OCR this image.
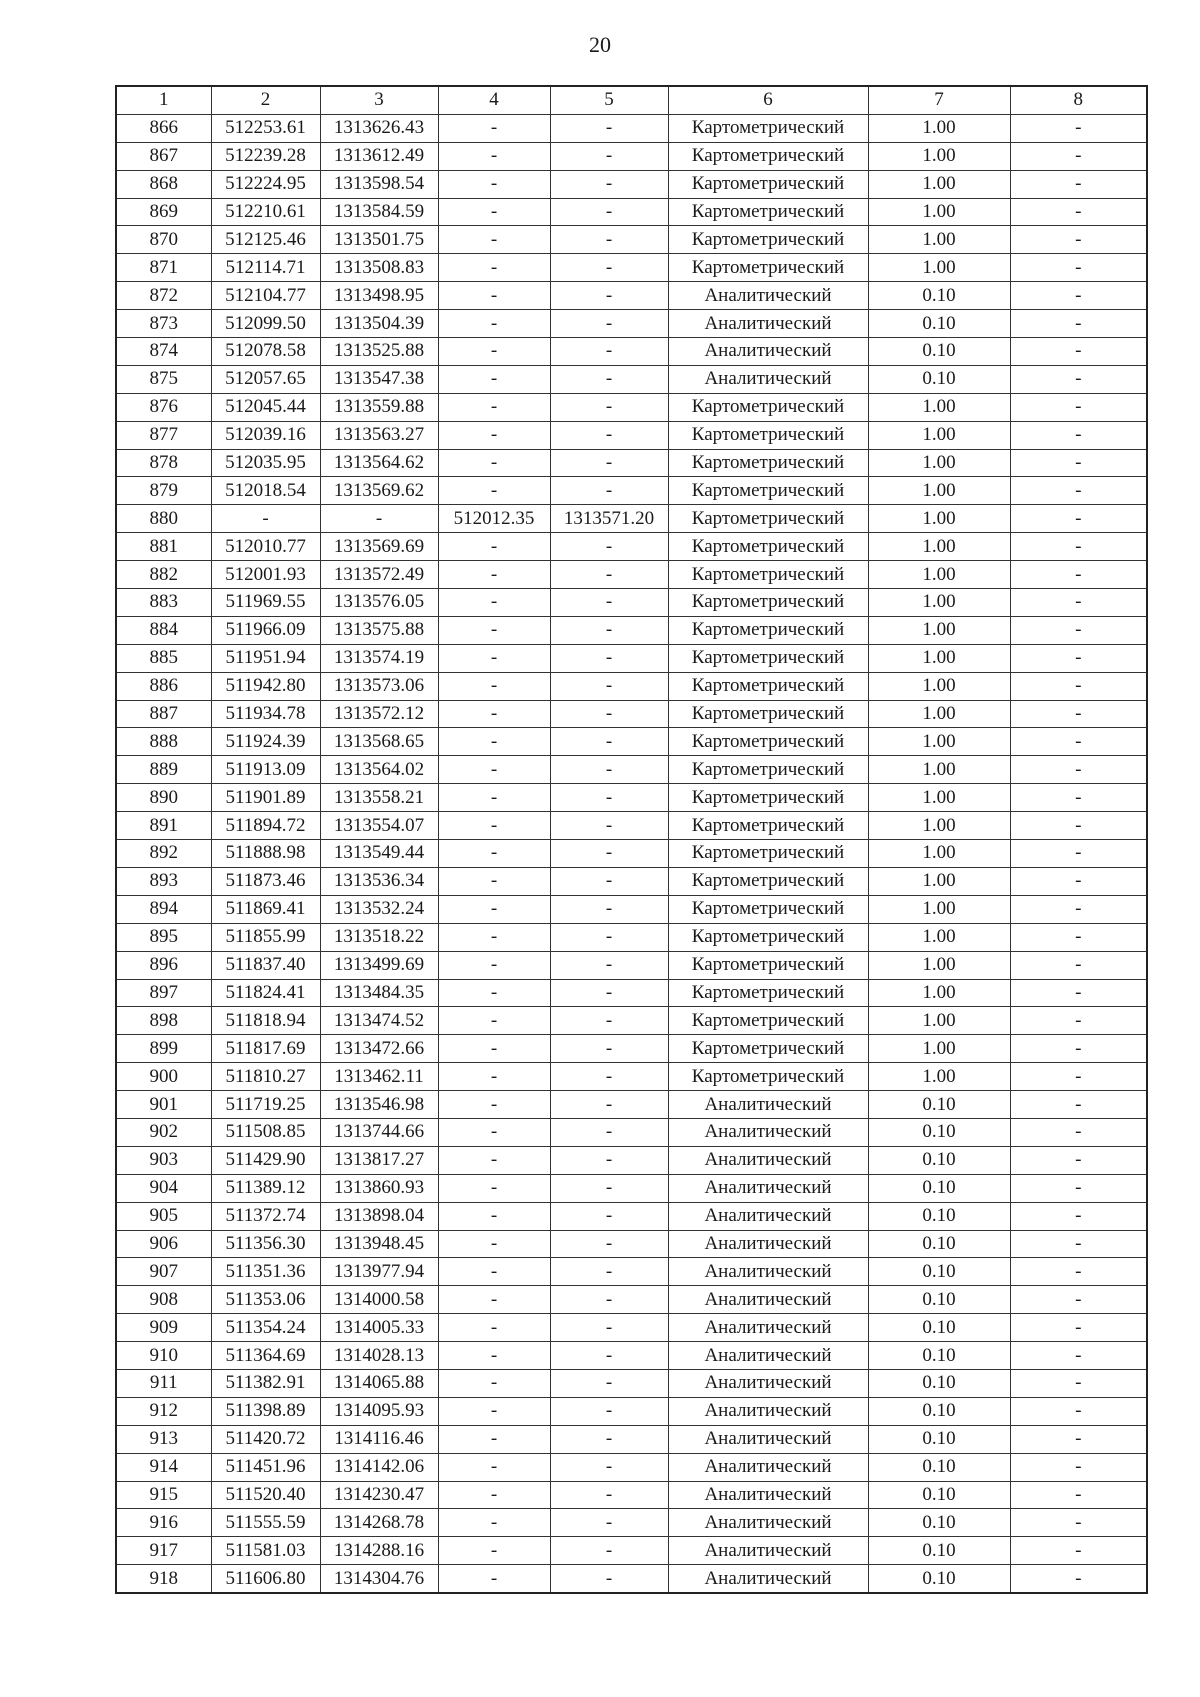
20
1	2	3	4	5	6	7	8
866	512253.61	1313626.43	-	-	Картометрический	1.00	-
867	512239.28	1313612.49	-	-	Картометрический	1.00	-
868	512224.95	1313598.54	-	-	Картометрический	1.00	-
869	512210.61	1313584.59	-	-	Картометрический	1.00	-
870	512125.46	1313501.75	-	-	Картометрический	1.00	-
871	512114.71	1313508.83	-	-	Картометрический	1.00	-
872	512104.77	1313498.95	-	-	Аналитический	0.10	-
873	512099.50	1313504.39	-	-	Аналитический	0.10	-
874	512078.58	1313525.88	-	-	Аналитический	0.10	-
875	512057.65	1313547.38	-	-	Аналитический	0.10	-
876	512045.44	1313559.88	-	-	Картометрический	1.00	-
877	512039.16	1313563.27	-	-	Картометрический	1.00	-
878	512035.95	1313564.62	-	-	Картометрический	1.00	-
879	512018.54	1313569.62	-	-	Картометрический	1.00	-
880	-	-	512012.35	1313571.20	Картометрический	1.00	-
881	512010.77	1313569.69	-	-	Картометрический	1.00	-
882	512001.93	1313572.49	-	-	Картометрический	1.00	-
883	511969.55	1313576.05	-	-	Картометрический	1.00	-
884	511966.09	1313575.88	-	-	Картометрический	1.00	-
885	511951.94	1313574.19	-	-	Картометрический	1.00	-
886	511942.80	1313573.06	-	-	Картометрический	1.00	-
887	511934.78	1313572.12	-	-	Картометрический	1.00	-
888	511924.39	1313568.65	-	-	Картометрический	1.00	-
889	511913.09	1313564.02	-	-	Картометрический	1.00	-
890	511901.89	1313558.21	-	-	Картометрический	1.00	-
891	511894.72	1313554.07	-	-	Картометрический	1.00	-
892	511888.98	1313549.44	-	-	Картометрический	1.00	-
893	511873.46	1313536.34	-	-	Картометрический	1.00	-
894	511869.41	1313532.24	-	-	Картометрический	1.00	-
895	511855.99	1313518.22	-	-	Картометрический	1.00	-
896	511837.40	1313499.69	-	-	Картометрический	1.00	-
897	511824.41	1313484.35	-	-	Картометрический	1.00	-
898	511818.94	1313474.52	-	-	Картометрический	1.00	-
899	511817.69	1313472.66	-	-	Картометрический	1.00	-
900	511810.27	1313462.11	-	-	Картометрический	1.00	-
901	511719.25	1313546.98	-	-	Аналитический	0.10	-
902	511508.85	1313744.66	-	-	Аналитический	0.10	-
903	511429.90	1313817.27	-	-	Аналитический	0.10	-
904	511389.12	1313860.93	-	-	Аналитический	0.10	-
905	511372.74	1313898.04	-	-	Аналитический	0.10	-
906	511356.30	1313948.45	-	-	Аналитический	0.10	-
907	511351.36	1313977.94	-	-	Аналитический	0.10	-
908	511353.06	1314000.58	-	-	Аналитический	0.10	-
909	511354.24	1314005.33	-	-	Аналитический	0.10	-
910	511364.69	1314028.13	-	-	Аналитический	0.10	-
911	511382.91	1314065.88	-	-	Аналитический	0.10	-
912	511398.89	1314095.93	-	-	Аналитический	0.10	-
913	511420.72	1314116.46	-	-	Аналитический	0.10	-
914	511451.96	1314142.06	-	-	Аналитический	0.10	-
915	511520.40	1314230.47	-	-	Аналитический	0.10	-
916	511555.59	1314268.78	-	-	Аналитический	0.10	-
917	511581.03	1314288.16	-	-	Аналитический	0.10	-
918	511606.80	1314304.76	-	-	Аналитический	0.10	-
